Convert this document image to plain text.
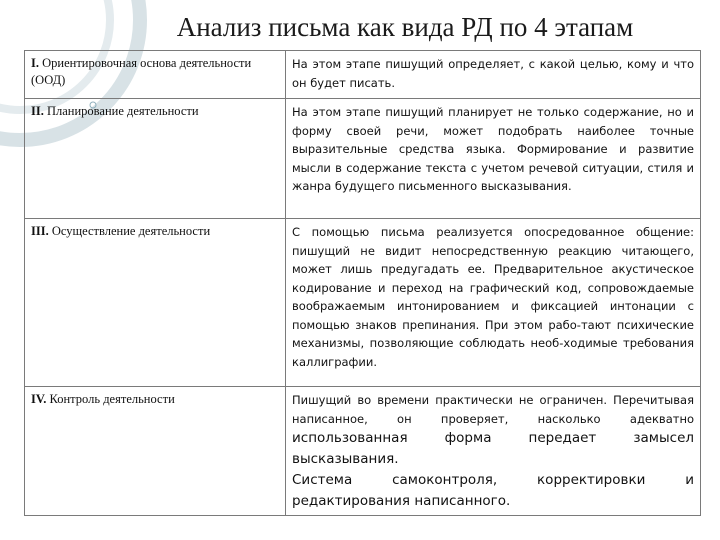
Анализ письма как вида РД по 4 этапам
I. Ориентировочная основа деятельности (ООД)	На этом этапе пишущий определяет, с какой целью, кому и что он будет писать.

II. Планирование деятельности	На этом этапе пишущий планирует не только содержание, но и форму своей речи, может подобрать наиболее точные выразительные средства языка. Формирование и развитие мысли в содержание текста с учетом речевой ситуации, стиля и жанра будущего письменного высказывания.

III. Осуществление деятельности	С помощью письма реализуется опосредованное общение: пишущий не видит непосредственную реакцию читающего, может лишь предугадать ее. Предварительное акустическое кодирование и переход на графический код, сопровождаемые воображаемым интонированием и фиксацией интонации с помощью знаков препинания. При этом рабо-тают психические механизмы, позволяющие соблюдать необ-ходимые требования каллиграфии.

IV. Контроль деятельности	Пишущий во времени практически не ограничен. Перечитывая написанное, он проверяет, насколько адекватно использованная форма передает замысел высказывания.
Система самоконтроля, корректировки и редактирования написанного.
